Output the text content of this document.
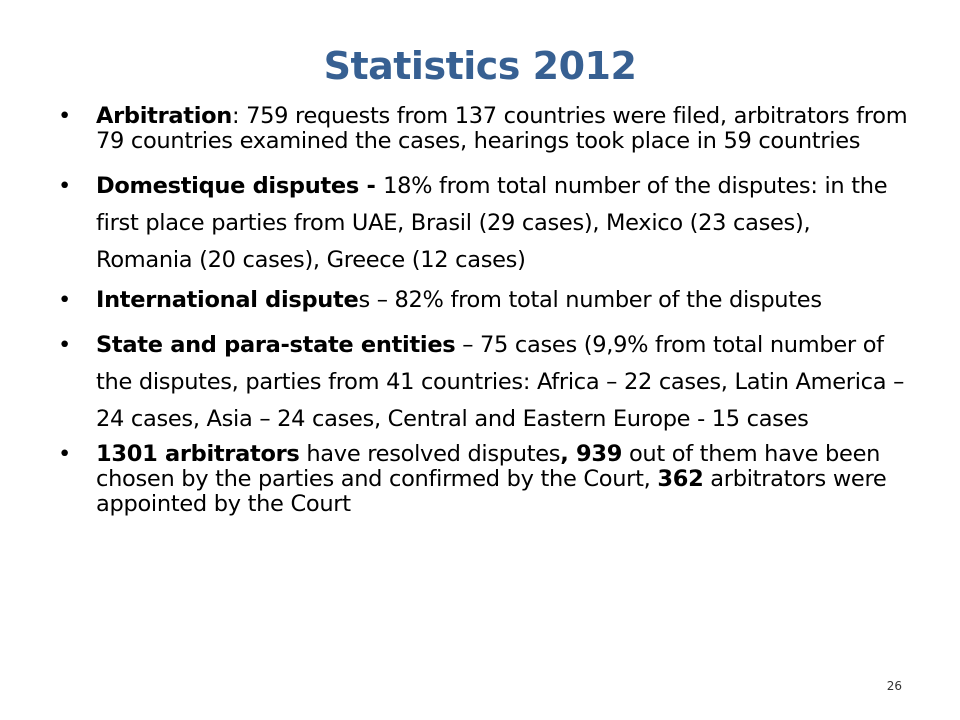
Statistics 2012
• Arbitration: 759 requests from 137 countries were filed, arbitrators from 79 countries examined the cases, hearings took place in 59 countries
• Domestique disputes - 18% from total number of the disputes: in the first place parties from UAE, Brasil (29 cases), Mexico (23 cases), Romania (20 cases), Greece (12 cases)
• International disputes – 82% from total number of the disputes
• State and para-state entities – 75 cases (9,9% from total number of the disputes, parties from 41 countries: Africa – 22 cases, Latin America – 24 cases, Asia – 24 cases, Central and Eastern Europe - 15 cases
• 1301 arbitrators have resolved disputes, 939 out of them have been chosen by the parties and confirmed by the Court, 362 arbitrators were appointed by the Court
26
